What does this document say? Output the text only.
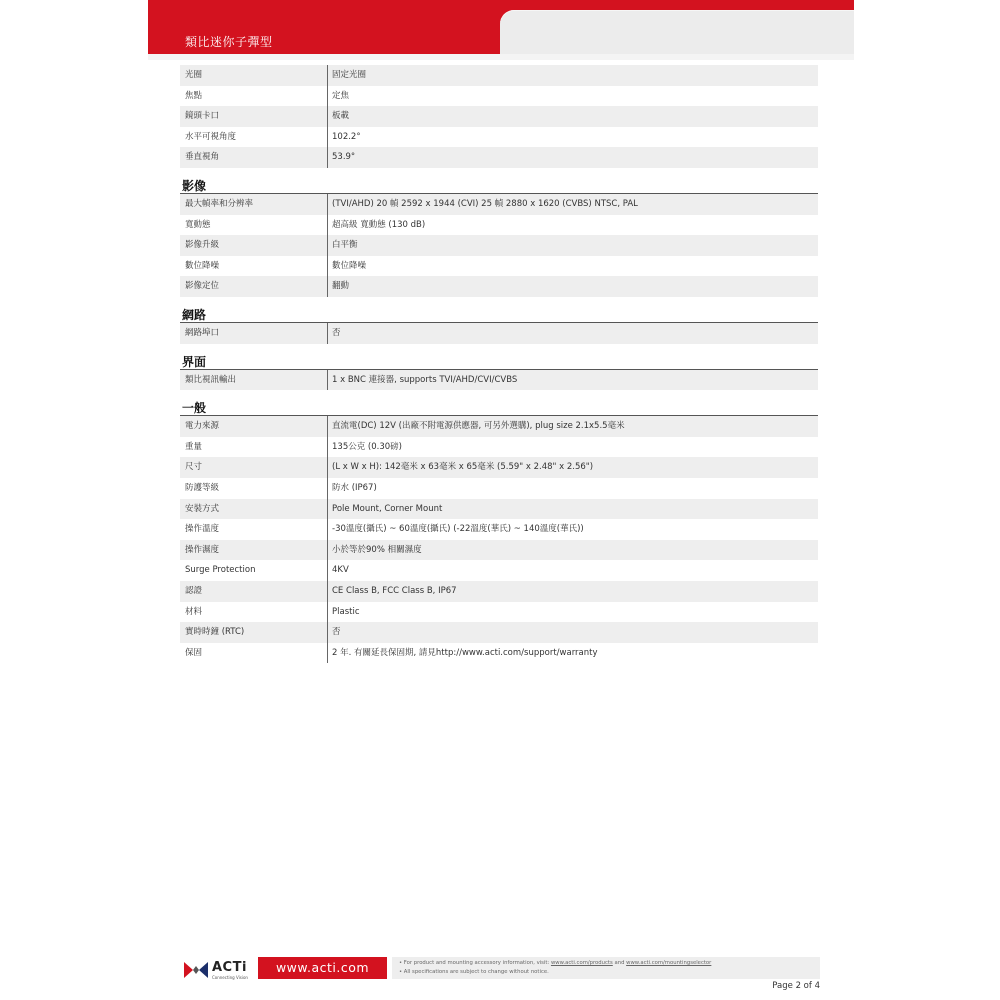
類比迷你子彈型
光圈	固定光圈
焦點	定焦
鏡頭卡口	板載
水平可視角度	102.2°
垂直視角	53.9°
影像
最大幀率和分辨率	(TVI/AHD) 20 幀 2592 x 1944 (CVI) 25 幀 2880 x 1620 (CVBS) NTSC, PAL
寬動態	超高級 寬動態 (130 dB)
影像升級	白平衡
數位降噪	數位降噪
影像定位	翻動
網路
網路埠口	否
界面
類比視訊輸出	1 x BNC 連接器, supports TVI/AHD/CVI/CVBS
一般
電力來源	直流電(DC) 12V (出廠不附電源供應器, 可另外選購), plug size 2.1x5.5毫米
重量	135公克 (0.30磅)
尺寸	(L x W x H): 142毫米 x 63毫米 x 65毫米 (5.59" x 2.48" x 2.56")
防護等級	防水 (IP67)
安裝方式	Pole Mount, Corner Mount
操作溫度	-30溫度(攝氏) ~ 60溫度(攝氏) (-22溫度(華氏) ~ 140溫度(華氏))
操作濕度	小於等於90% 相關濕度
Surge Protection	4KV
認證	CE Class B, FCC Class B, IP67
材料	Plastic
實時時鐘 (RTC)	否
保固	2 年. 有關延長保固期, 請見http://www.acti.com/support/warranty
ACTi
Connecting Vision
www.acti.com	• For product and mounting accessory information, visit: www.acti.com/products and www.acti.com/mountingselector
• All specifications are subject to change without notice.
Page 2 of 4
